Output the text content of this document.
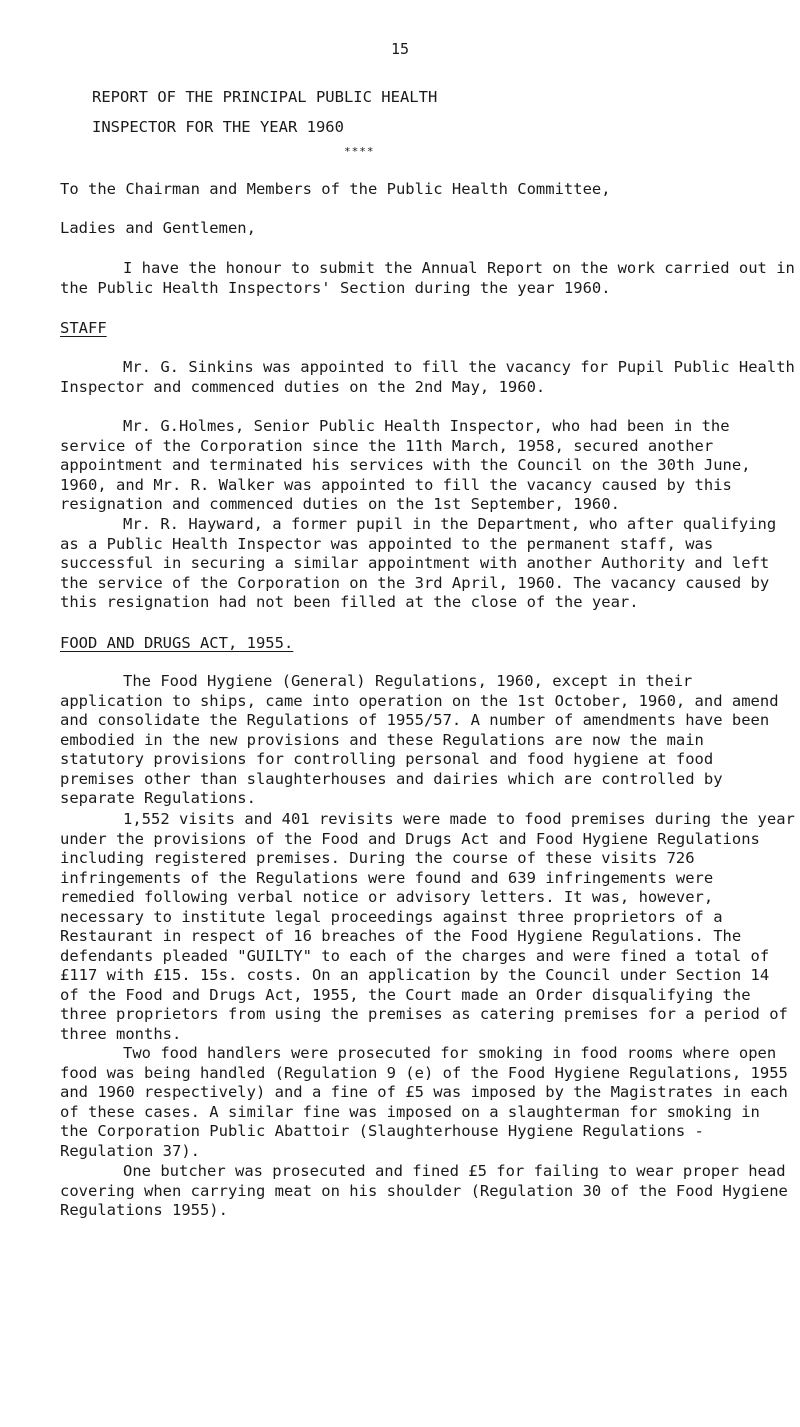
15
REPORT OF THE PRINCIPAL PUBLIC HEALTH
INSPECTOR FOR THE YEAR 1960
****
To the Chairman and Members of the Public Health Committee,
Ladies and Gentlemen,
I have the honour to submit the Annual Report on the work carried out in the Public Health Inspectors' Section during the year 1960.
STAFF
Mr. G. Sinkins was appointed to fill the vacancy for Pupil Public Health Inspector and commenced duties on the 2nd May, 1960.
Mr. G.Holmes, Senior Public Health Inspector, who had been in the service of the Corporation since the 11th March, 1958, secured another appointment and terminated his services with the Council on the 30th June, 1960, and Mr. R. Walker was appointed to fill the vacancy caused by this resignation and commenced duties on the 1st September, 1960.
Mr. R. Hayward, a former pupil in the Department, who after qualifying as a Public Health Inspector was appointed to the permanent staff, was successful in securing a similar appointment with another Authority and left the service of the Corporation on the 3rd April, 1960. The vacancy caused by this resignation had not been filled at the close of the year.
FOOD AND DRUGS ACT, 1955.
The Food Hygiene (General) Regulations, 1960, except in their application to ships, came into operation on the 1st October, 1960, and amend and consolidate the Regulations of 1955/57. A number of amendments have been embodied in the new provisions and these Regulations are now the main statutory provisions for controlling personal and food hygiene at food premises other than slaughterhouses and dairies which are controlled by separate Regulations.
1,552 visits and 401 revisits were made to food premises during the year under the provisions of the Food and Drugs Act and Food Hygiene Regulations including registered premises. During the course of these visits 726 infringements of the Regulations were found and 639 infringements were remedied following verbal notice or advisory letters. It was, however, necessary to institute legal proceedings against three proprietors of a Restaurant in respect of 16 breaches of the Food Hygiene Regulations. The defendants pleaded "GUILTY" to each of the charges and were fined a total of £117 with £15. 15s. costs. On an application by the Council under Section 14 of the Food and Drugs Act, 1955, the Court made an Order disqualifying the three proprietors from using the premises as catering premises for a period of three months.
Two food handlers were prosecuted for smoking in food rooms where open food was being handled (Regulation 9 (e) of the Food Hygiene Regulations, 1955 and 1960 respectively) and a fine of £5 was imposed by the Magistrates in each of these cases. A similar fine was imposed on a slaughterman for smoking in the Corporation Public Abattoir (Slaughterhouse Hygiene Regulations - Regulation 37).
One butcher was prosecuted and fined £5 for failing to wear proper head covering when carrying meat on his shoulder (Regulation 30 of the Food Hygiene Regulations 1955).
